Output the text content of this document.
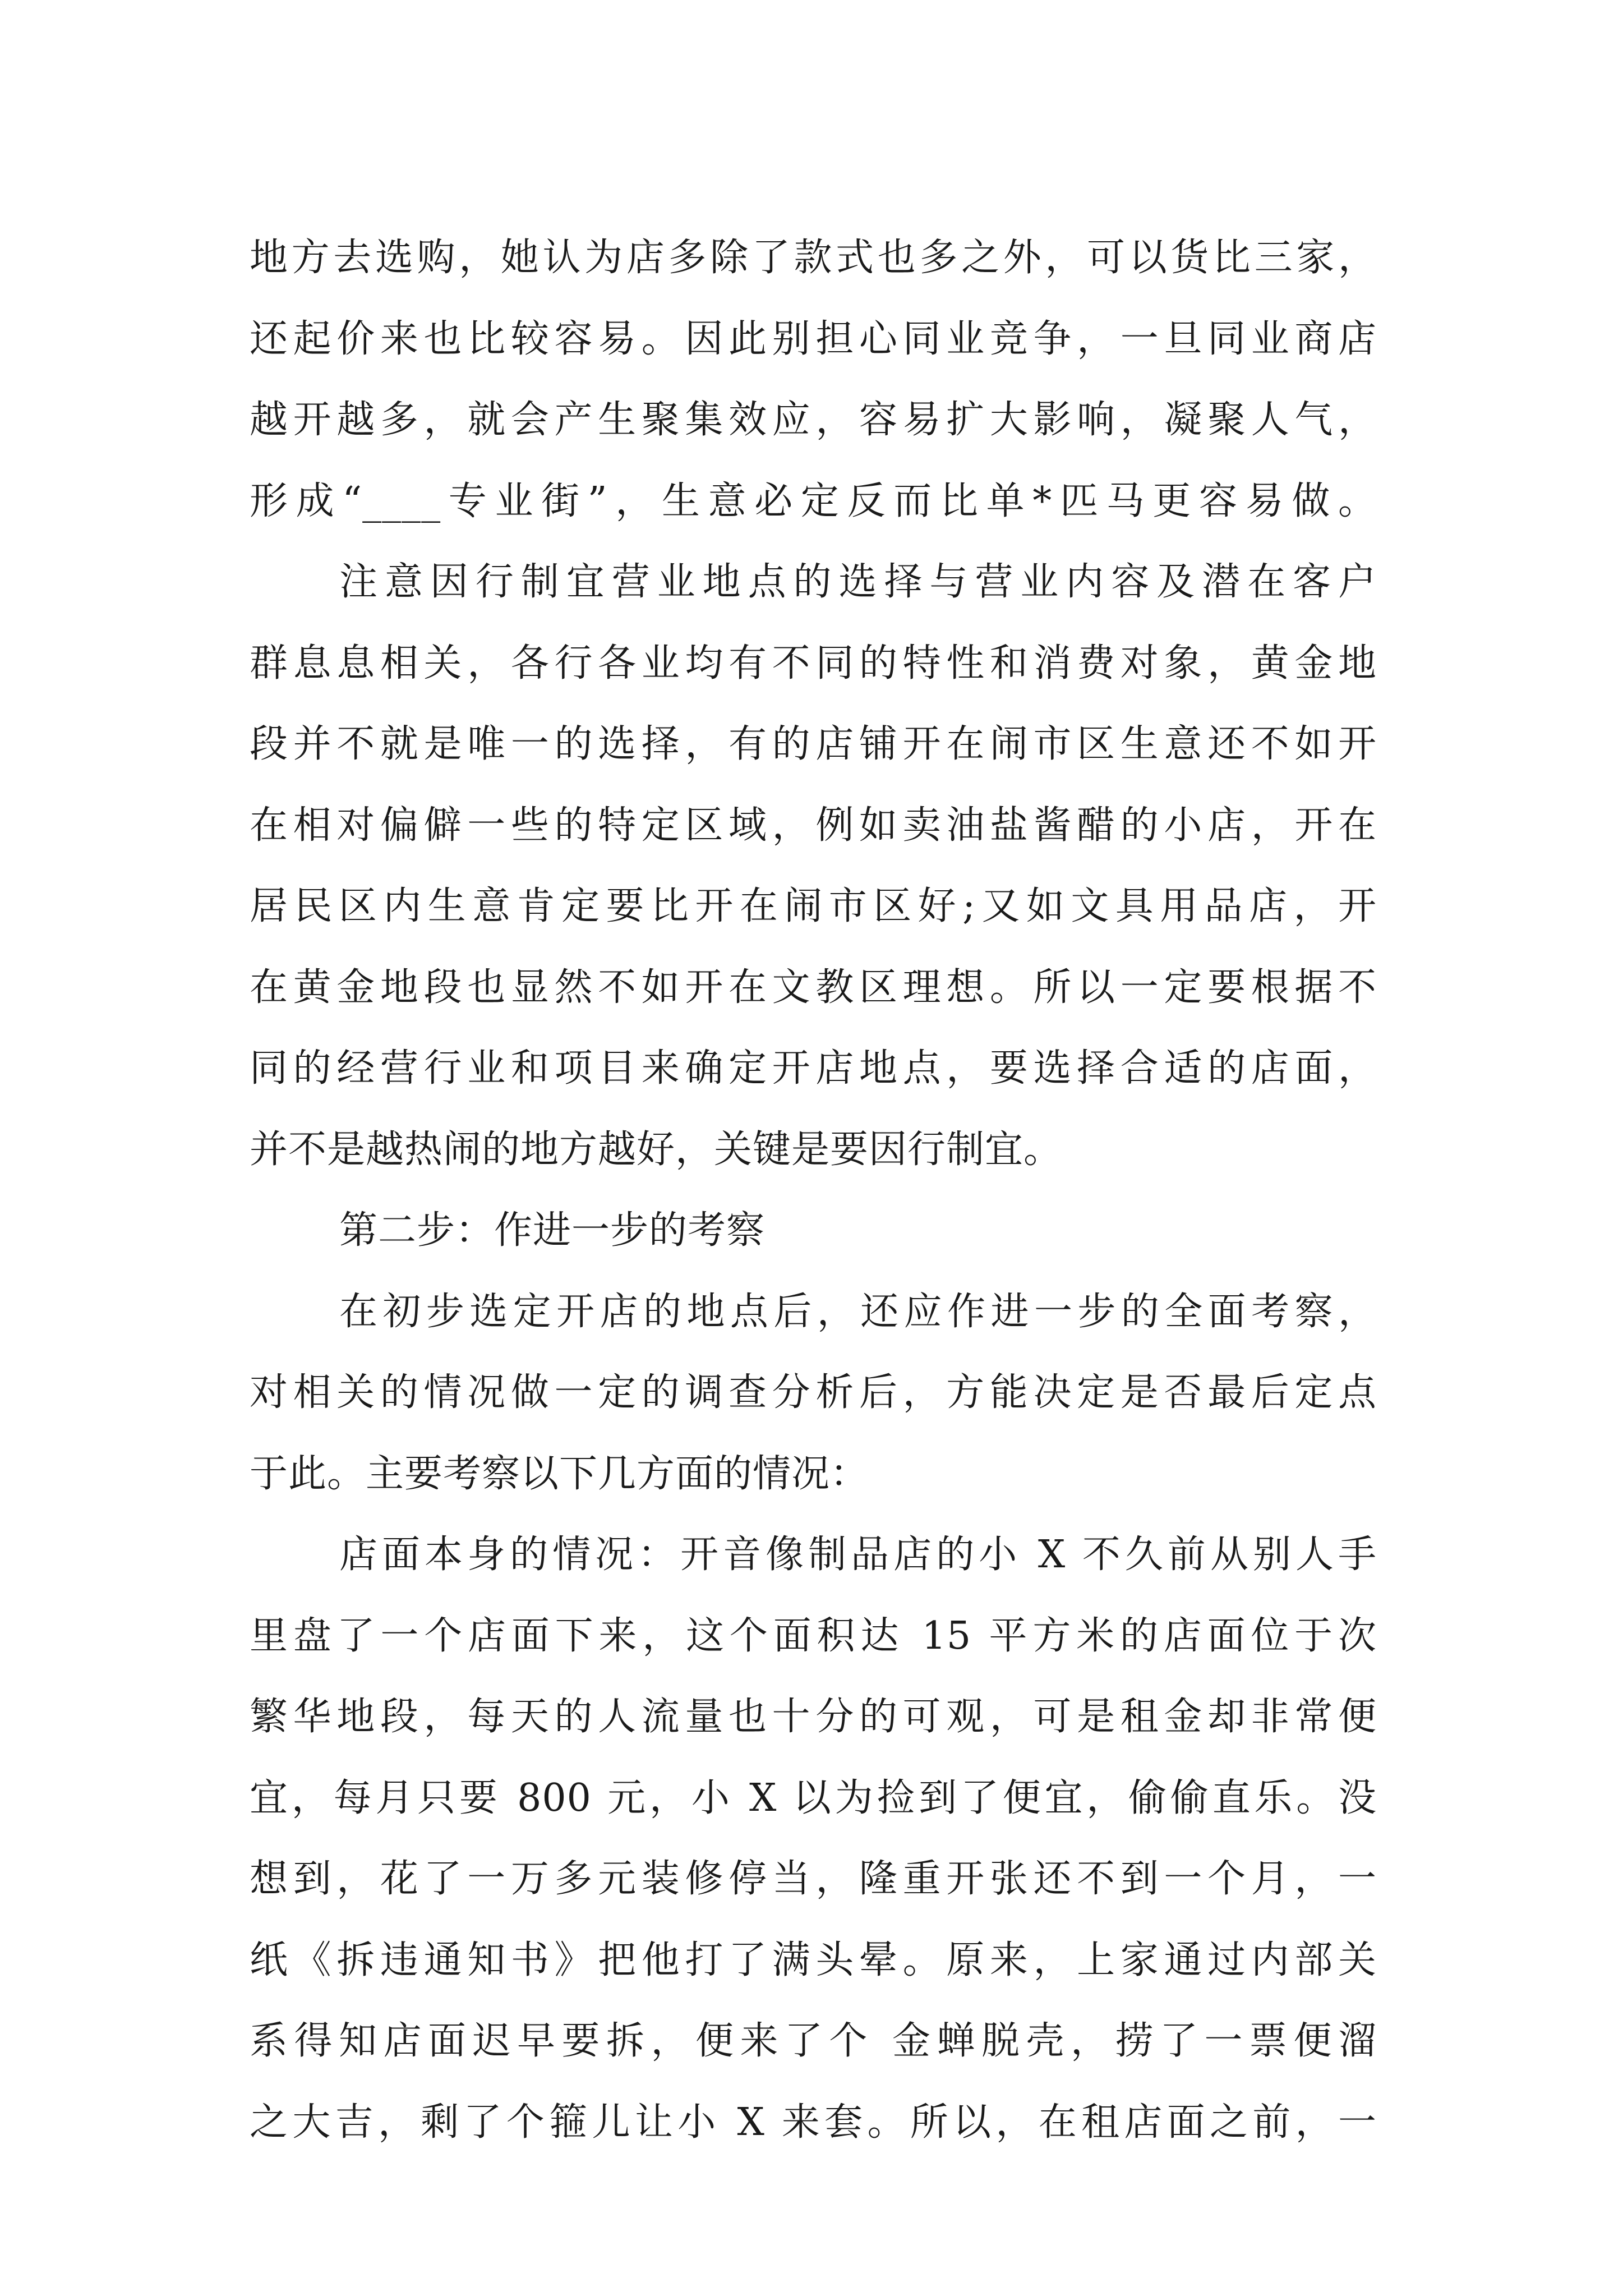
地方去选购，她认为店多除了款式也多之外，可以货比三家，
还起价来也比较容易。因此别担心同业竞争，一旦同业商店
越开越多，就会产生聚集效应，容易扩大影响，凝聚人气，
形成“____专业街”，生意必定反而比单*匹马更容易做。
注意因行制宜营业地点的选择与营业内容及潜在客户
群息息相关，各行各业均有不同的特性和消费对象，黄金地
段并不就是唯一的选择，有的店铺开在闹市区生意还不如开
在相对偏僻一些的特定区域，例如卖油盐酱醋的小店，开在
居民区内生意肯定要比开在闹市区好;又如文具用品店，开
在黄金地段也显然不如开在文教区理想。所以一定要根据不
同的经营行业和项目来确定开店地点，要选择合适的店面，
并不是越热闹的地方越好，关键是要因行制宜。
第二步：作进一步的考察
在初步选定开店的地点后，还应作进一步的全面考察，
对相关的情况做一定的调查分析后，方能决定是否最后定点
于此。主要考察以下几方面的情况：
店面本身的情况：开音像制品店的小 X 不久前从别人手
里盘了一个店面下来，这个面积达 15 平方米的店面位于次
繁华地段，每天的人流量也十分的可观，可是租金却非常便
宜，每月只要 800 元，小 X 以为捡到了便宜，偷偷直乐。没
想到，花了一万多元装修停当，隆重开张还不到一个月，一
纸《拆违通知书》把他打了满头晕。原来，上家通过内部关
系得知店面迟早要拆，便来了个 金蝉脱壳，捞了一票便溜
之大吉，剩了个箍儿让小 X 来套。所以，在租店面之前，一
